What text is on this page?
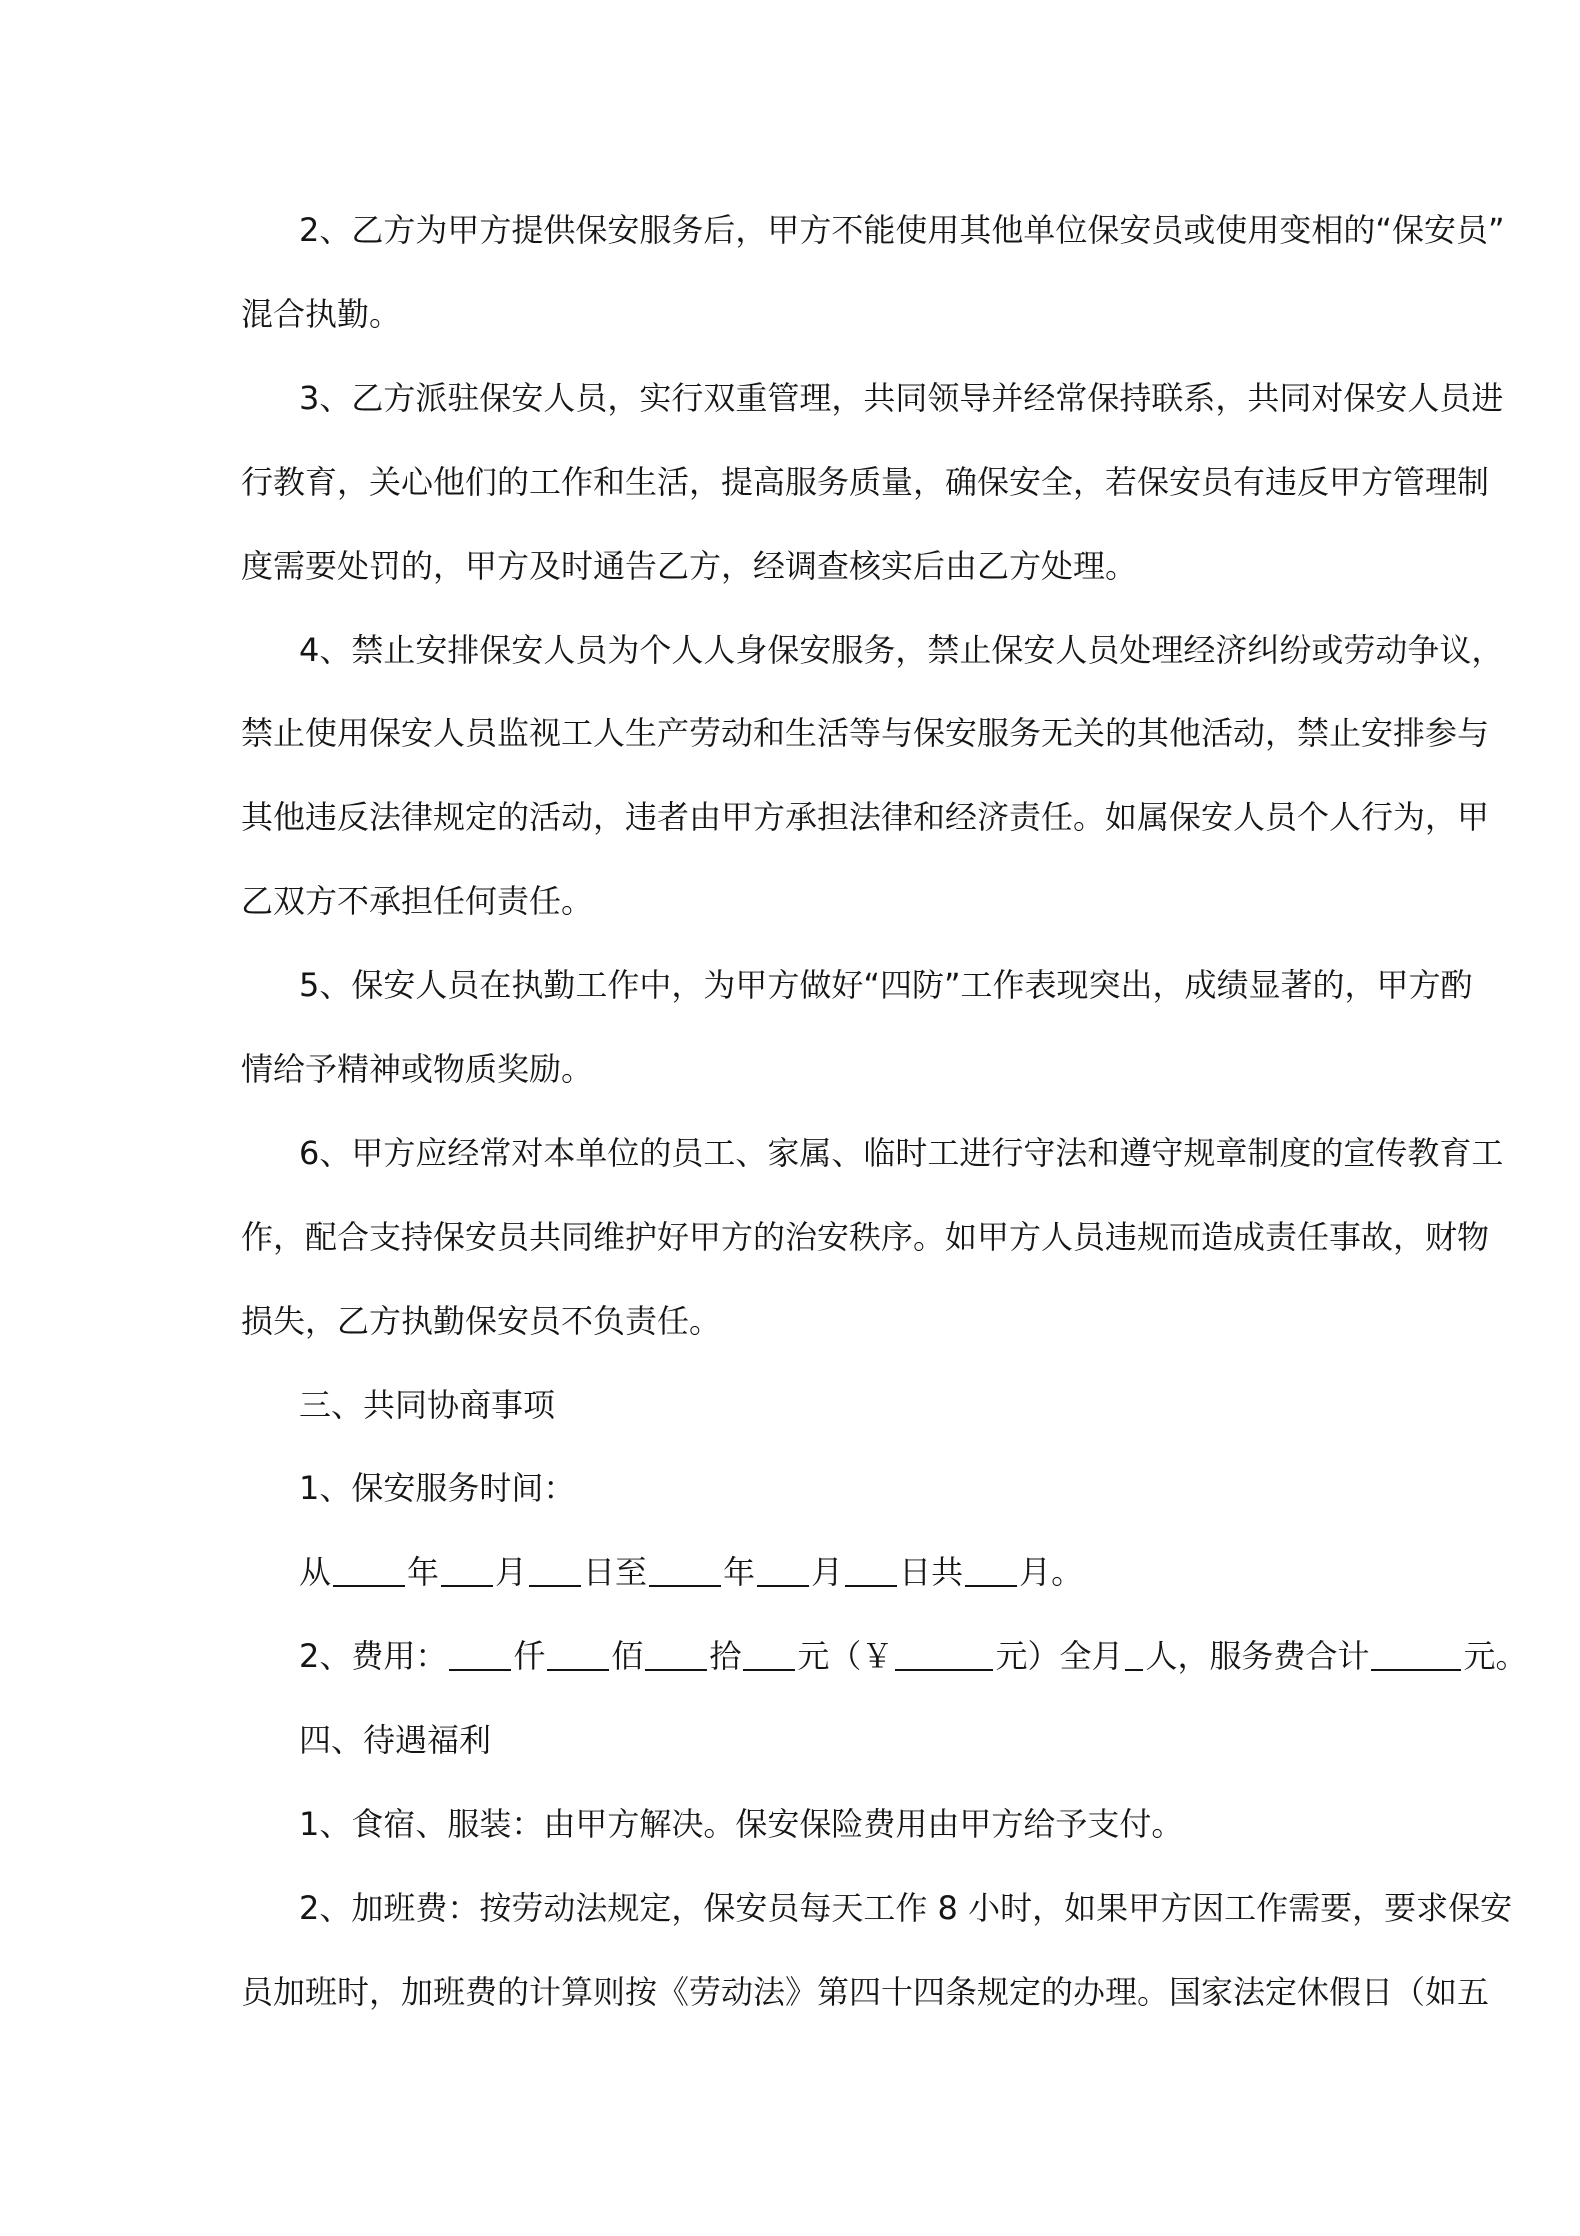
2、乙方为甲方提供保安服务后，甲方不能使用其他单位保安员或使用变相的“保安员”
混合执勤。
3、乙方派驻保安人员，实行双重管理，共同领导并经常保持联系，共同对保安人员进
行教育，关心他们的工作和生活，提高服务质量，确保安全，若保安员有违反甲方管理制
度需要处罚的，甲方及时通告乙方，经调查核实后由乙方处理。
4、禁止安排保安人员为个人人身保安服务，禁止保安人员处理经济纠纷或劳动争议，
禁止使用保安人员监视工人生产劳动和生活等与保安服务无关的其他活动，禁止安排参与
其他违反法律规定的活动，违者由甲方承担法律和经济责任。如属保安人员个人行为，甲
乙双方不承担任何责任。
5、保安人员在执勤工作中，为甲方做好“四防”工作表现突出，成绩显著的，甲方酌
情给予精神或物质奖励。
6、甲方应经常对本单位的员工、家属、临时工进行守法和遵守规章制度的宣传教育工
作，配合支持保安员共同维护好甲方的治安秩序。如甲方人员违规而造成责任事故，财物
损失，乙方执勤保安员不负责任。
三、共同协商事项
1、保安服务时间：
从 年 月 日至 年 月 日共 月。
2、费用： 仟 佰 拾 元（￥	元）全月 人，服务费合计	元。
四、待遇福利
1、食宿、服装：由甲方解决。保安保险费用由甲方给予支付。
2、加班费：按劳动法规定，保安员每天工作 8 小时，如果甲方因工作需要，要求保安
员加班时，加班费的计算则按《劳动法》第四十四条规定的办理。国家法定休假日（如五
